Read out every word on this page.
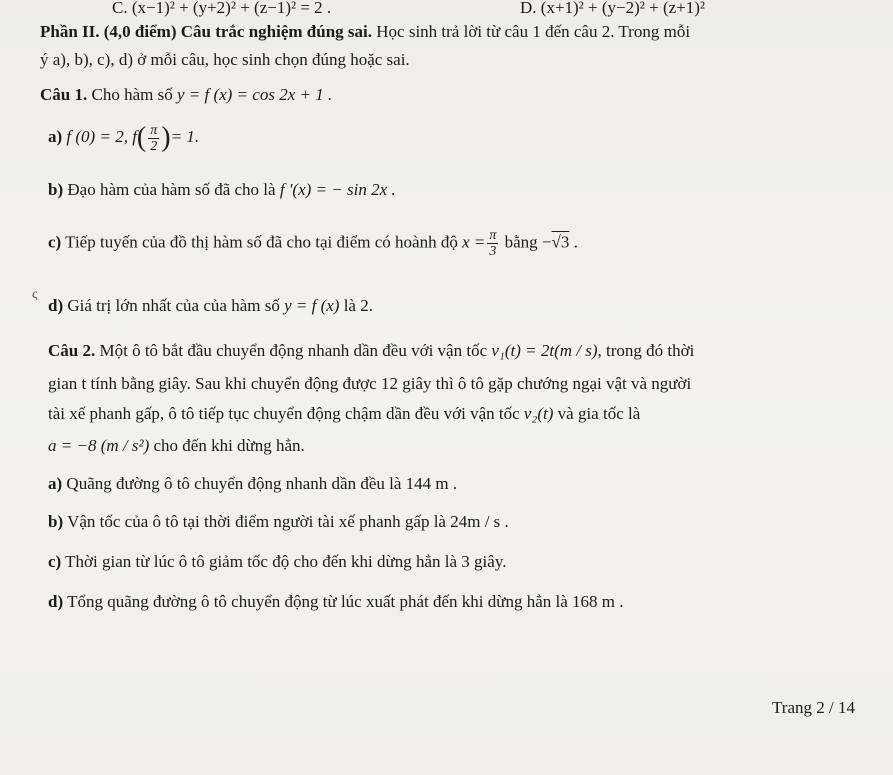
C. (x−1)² + (y+2)² + (z−1)² = 2 .	D. (x+1)² + (y−2)² + (z+1)²
Phần II. (4,0 điểm) Câu trắc nghiệm đúng sai. Học sinh trả lời từ câu 1 đến câu 2. Trong mỗi
ý a), b), c), d) ở mỗi câu, học sinh chọn đúng hoặc sai.
Câu 1. Cho hàm số y = f (x) = cos 2x + 1 .
a) f (0) = 2, $f( \frac{\pi}{2}$ )= 1.
b) Đạo hàm của hàm số đã cho là f '(x) = − sin 2x .
c) Tiếp tuyến của đồ thị hàm số đã cho tại điểm có hoành độ $x = \frac{\pi}{3}$ bằng −√3 .
ς
d) Giá trị lớn nhất của của hàm số y = f (x) là 2.
Câu 2. Một ô tô bắt đầu chuyển động nhanh dần đều với vận tốc v₁(t) = 2t(m / s), trong đó thời
gian t tính bằng giây. Sau khi chuyển động được 12 giây thì ô tô gặp chướng ngại vật và người
tài xế phanh gấp, ô tô tiếp tục chuyển động chậm dần đều với vận tốc v₂(t) và gia tốc là
a = −8 (m / s²) cho đến khi dừng hẳn.
a) Quãng đường ô tô chuyển động nhanh dần đều là 144 m .
b) Vận tốc của ô tô tại thời điểm người tài xế phanh gấp là 24m / s .
c) Thời gian từ lúc ô tô giảm tốc độ cho đến khi dừng hẳn là 3 giây.
d) Tổng quãng đường ô tô chuyển động từ lúc xuất phát đến khi dừng hẳn là 168 m .
Trang 2 / 14
